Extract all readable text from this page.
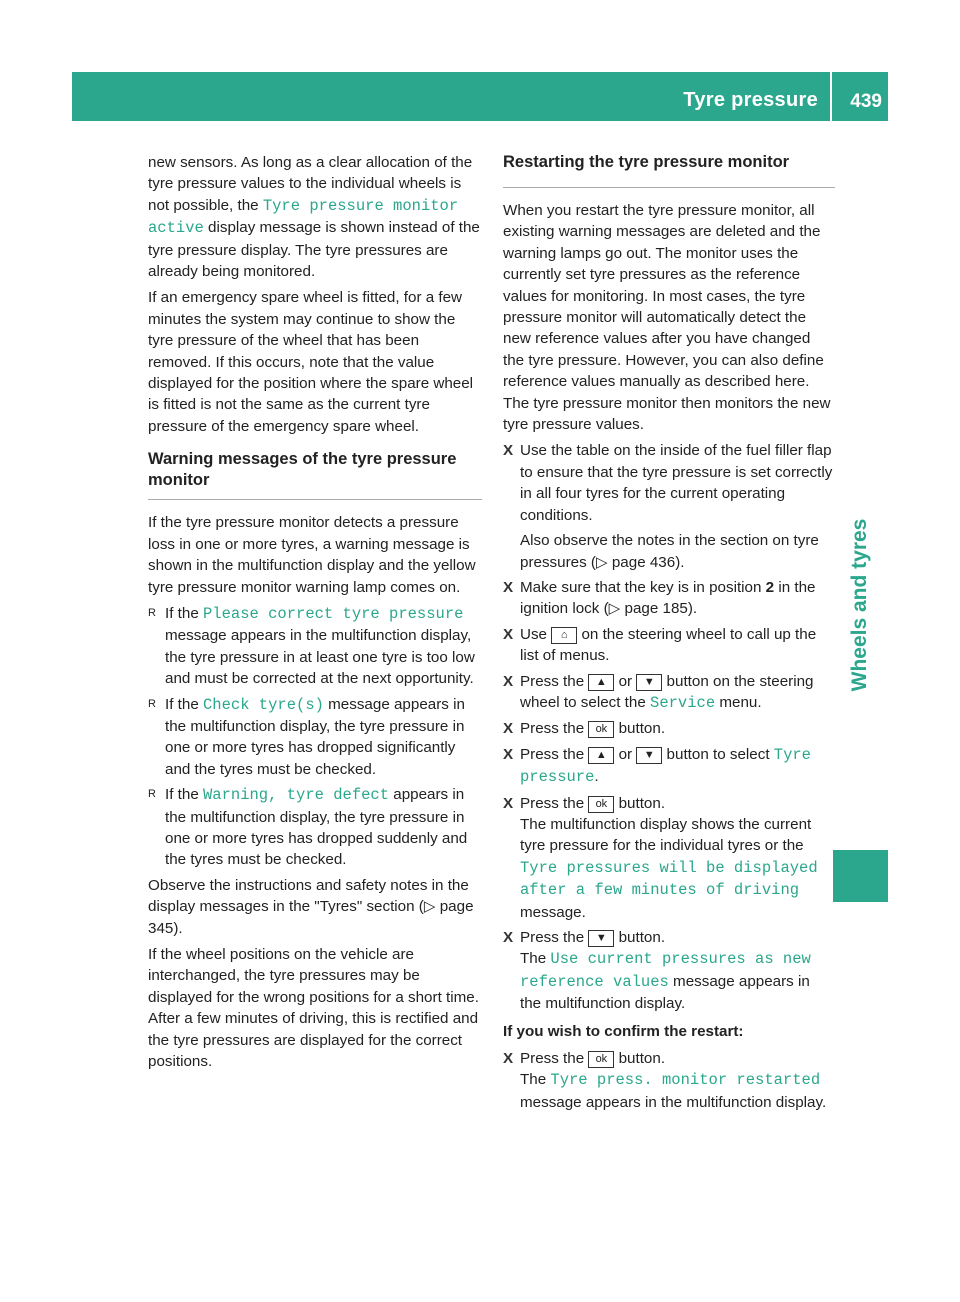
Tyre pressure 439
Wheels and tyres

new sensors. As long as a clear allocation of the tyre pressure values to the individual wheels is not possible, the Tyre pressure monitor active display message is shown instead of the tyre pressure display. The tyre pressures are already being monitored.

If an emergency spare wheel is fitted, for a few minutes the system may continue to show the tyre pressure of the wheel that has been removed. If this occurs, note that the value displayed for the position where the spare wheel is fitted is not the same as the current tyre pressure of the emergency spare wheel.

Warning messages of the tyre pressure monitor

If the tyre pressure monitor detects a pressure loss in one or more tyres, a warning message is shown in the multifunction display and the yellow tyre pressure monitor warning lamp comes on.

R If the Please correct tyre pressure message appears in the multifunction display, the tyre pressure in at least one tyre is too low and must be corrected at the next opportunity.
R If the Check tyre(s) message appears in the multifunction display, the tyre pressure in one or more tyres has dropped significantly and the tyres must be checked.
R If the Warning, tyre defect appears in the multifunction display, the tyre pressure in one or more tyres has dropped suddenly and the tyres must be checked.

Observe the instructions and safety notes in the display messages in the "Tyres" section (▷ page 345).

If the wheel positions on the vehicle are interchanged, the tyre pressures may be displayed for the wrong positions for a short time. After a few minutes of driving, this is rectified and the tyre pressures are displayed for the correct positions.

Restarting the tyre pressure monitor

When you restart the tyre pressure monitor, all existing warning messages are deleted and the warning lamps go out. The monitor uses the currently set tyre pressures as the reference values for monitoring. In most cases, the tyre pressure monitor will automatically detect the new reference values after you have changed the tyre pressure. However, you can also define reference values manually as described here. The tyre pressure monitor then monitors the new tyre pressure values.

X Use the table on the inside of the fuel filler flap to ensure that the tyre pressure is set correctly in all four tyres for the current operating conditions.
Also observe the notes in the section on tyre pressures (▷ page 436).
X Make sure that the key is in position 2 in the ignition lock (▷ page 185).
X Use ⌂ on the steering wheel to call up the list of menus.
X Press the ▲ or ▼ button on the steering wheel to select the Service menu.
X Press the ok button.
X Press the ▲ or ▼ button to select Tyre pressure.
X Press the ok button.
The multifunction display shows the current tyre pressure for the individual tyres or the Tyre pressures will be displayed after a few minutes of driving message.
X Press the ▼ button.
The Use current pressures as new reference values message appears in the multifunction display.

If you wish to confirm the restart:

X Press the ok button.
The Tyre press. monitor restarted message appears in the multifunction display.
